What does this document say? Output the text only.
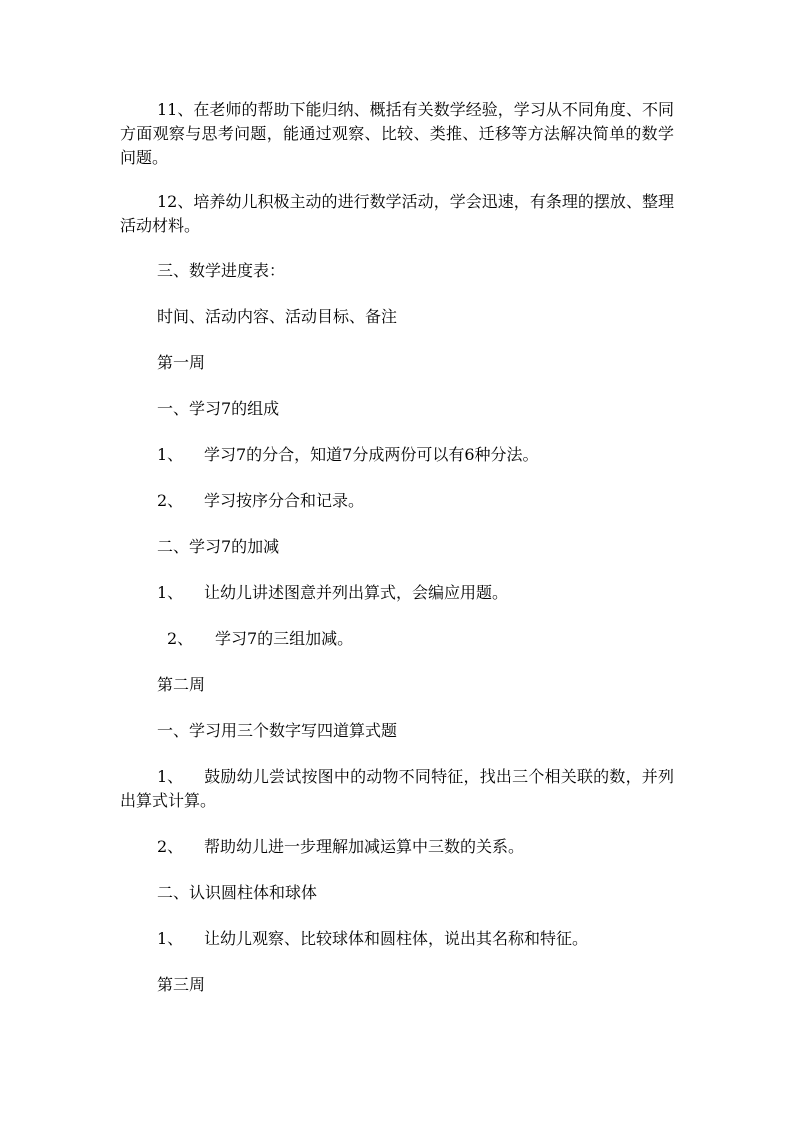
11、在老师的帮助下能归纳、概括有关数学经验，学习从不同角度、不同方面观察与思考问题，能通过观察、比较、类推、迁移等方法解决简单的数学问题。

12、培养幼儿积极主动的进行数学活动，学会迅速，有条理的摆放、整理活动材料。

三、数学进度表：

时间、活动内容、活动目标、备注

第一周

一、学习7的组成

1、 学习7的分合，知道7分成两份可以有6种分法。

2、 学习按序分合和记录。

二、学习7的加减

1、 让幼儿讲述图意并列出算式，会编应用题。

2、 学习7的三组加减。

第二周

一、学习用三个数字写四道算式题

1、 鼓励幼儿尝试按图中的动物不同特征，找出三个相关联的数，并列出算式计算。

2、 帮助幼儿进一步理解加减运算中三数的关系。

二、认识圆柱体和球体

1、 让幼儿观察、比较球体和圆柱体，说出其名称和特征。

第三周
